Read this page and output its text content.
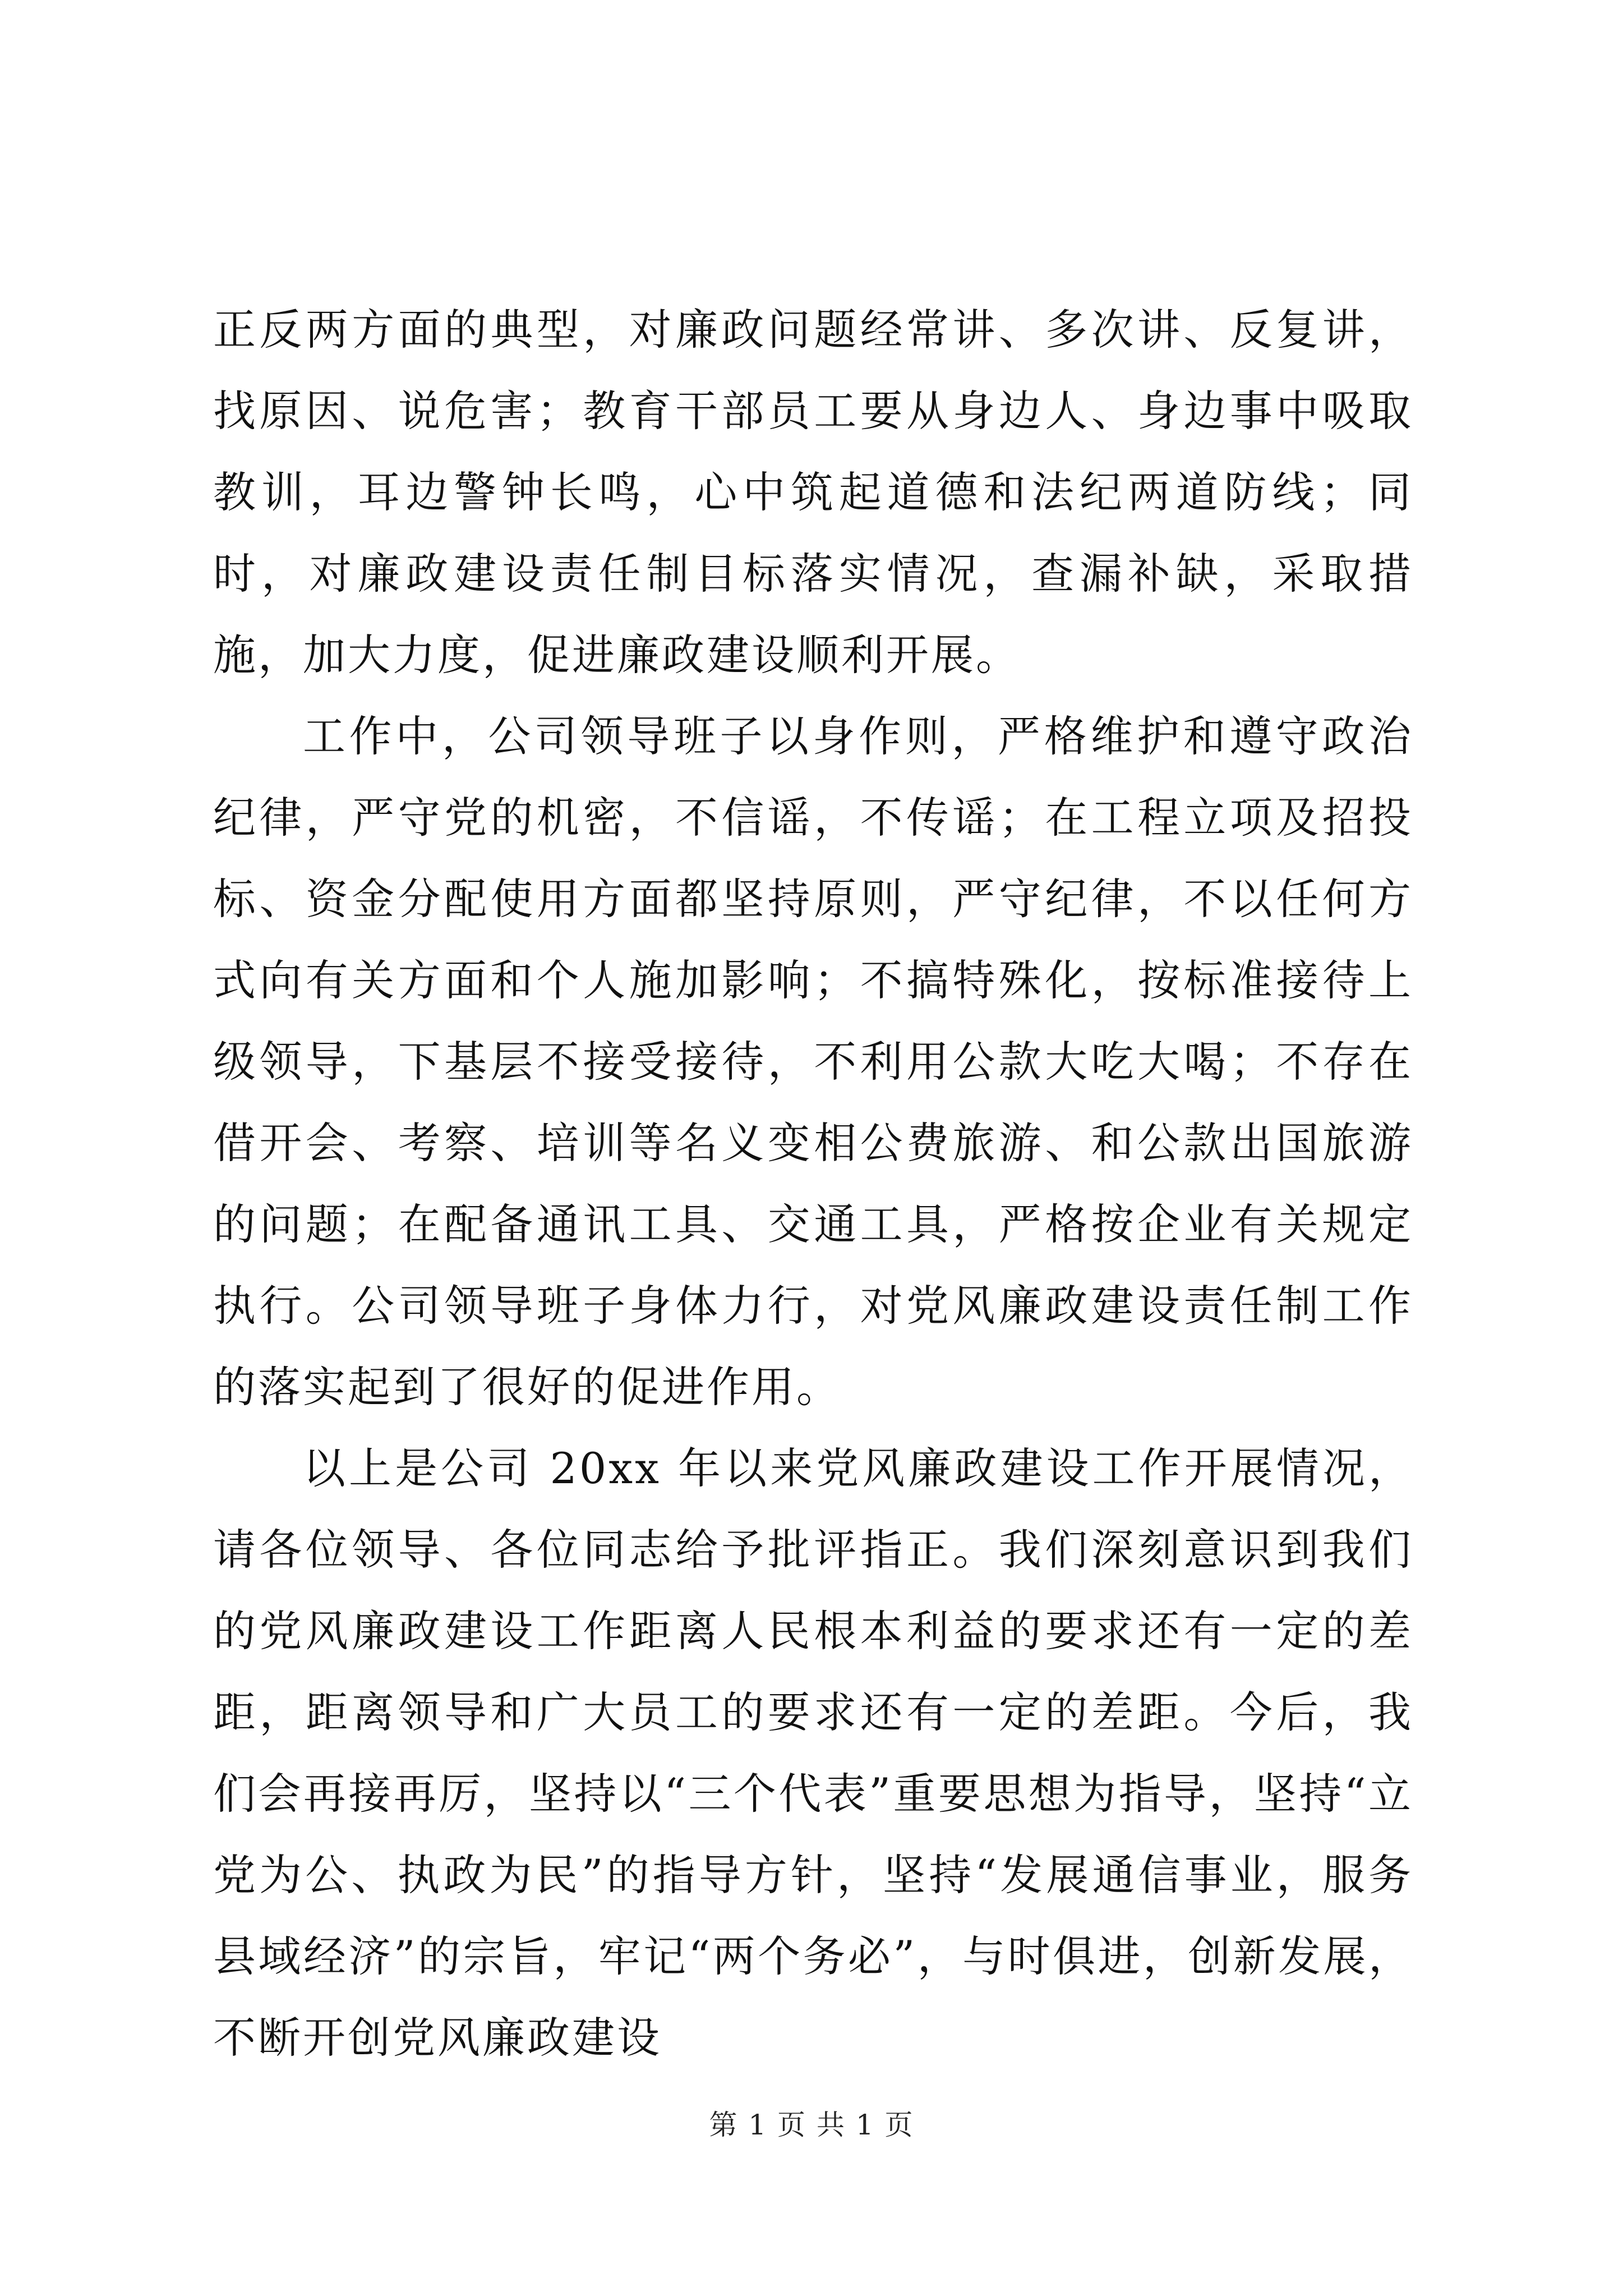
正反两方面的典型，对廉政问题经常讲、多次讲、反复讲，找原因、说危害；教育干部员工要从身边人、身边事中吸取教训，耳边警钟长鸣，心中筑起道德和法纪两道防线；同时，对廉政建设责任制目标落实情况，查漏补缺，采取措施，加大力度，促进廉政建设顺利开展。

工作中，公司领导班子以身作则，严格维护和遵守政治纪律，严守党的机密，不信谣，不传谣；在工程立项及招投标、资金分配使用方面都坚持原则，严守纪律，不以任何方式向有关方面和个人施加影响；不搞特殊化，按标准接待上级领导，下基层不接受接待，不利用公款大吃大喝；不存在借开会、考察、培训等名义变相公费旅游、和公款出国旅游的问题；在配备通讯工具、交通工具，严格按企业有关规定执行。公司领导班子身体力行，对党风廉政建设责任制工作的落实起到了很好的促进作用。

以上是公司 20xx 年以来党风廉政建设工作开展情况，请各位领导、各位同志给予批评指正。我们深刻意识到我们的党风廉政建设工作距离人民根本利益的要求还有一定的差距，距离领导和广大员工的要求还有一定的差距。今后，我们会再接再厉，坚持以“三个代表”重要思想为指导，坚持“立党为公、执政为民”的指导方针，坚持“发展通信事业，服务县域经济”的宗旨，牢记“两个务必”，与时俱进，创新发展，不断开创党风廉政建设

第 1 页 共 1 页
